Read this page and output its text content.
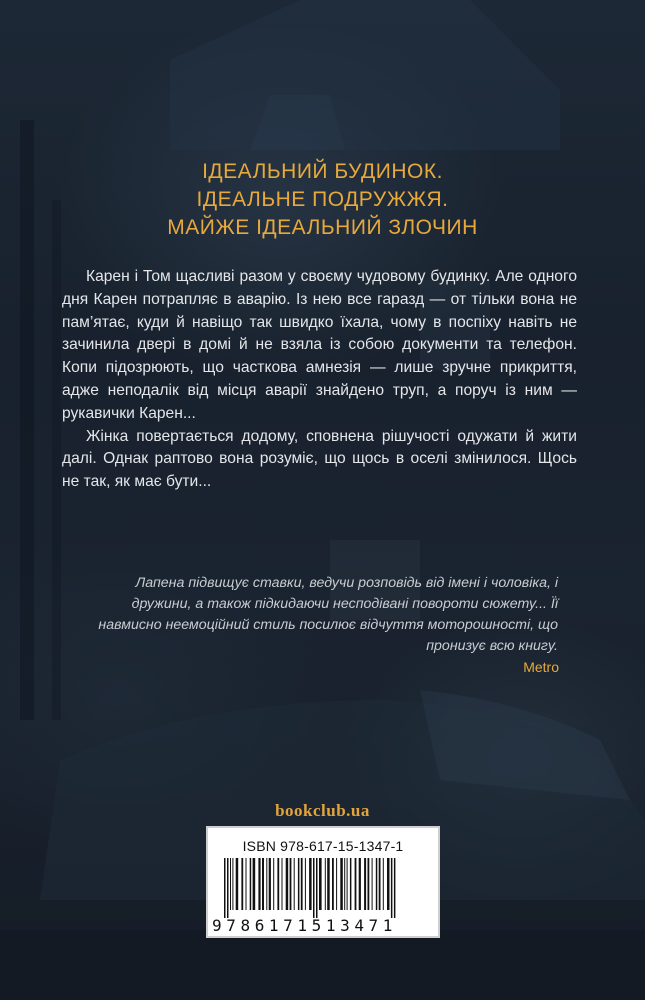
ІДЕАЛЬНИЙ БУДИНОК.
ІДЕАЛЬНЕ ПОДРУЖЖЯ.
МАЙЖЕ ІДЕАЛЬНИЙ ЗЛОЧИН

Карен і Том щасливі разом у своєму чудовому будинку. Але одного дня Карен потрапляє в аварію. Із нею все гаразд — от тільки вона не пам’ятає, куди й навіщо так швидко їхала, чому в поспіху навіть не зачинила двері в домі й не взяла із собою документи та телефон. Копи підозрюють, що часткова амнезія — лише зручне прикриття, адже неподалік від місця аварії знайдено труп, а поруч із ним — рукавички Карен...

Жінка повертається додому, сповнена рішучості одужати й жити далі. Однак раптово вона розуміє, що щось в оселі змінилося. Щось не так, як має бути...

Лапена підвищує ставки, ведучи розповідь від імені і чоловіка, і дружини, а також підкидаючи несподівані повороти сюжету... Її навмисно неемоційний стиль посилює відчуття моторошності, що пронизує всю книгу.
Metro
bookclub.ua
ISBN 978-617-15-1347-1
9786171513471
